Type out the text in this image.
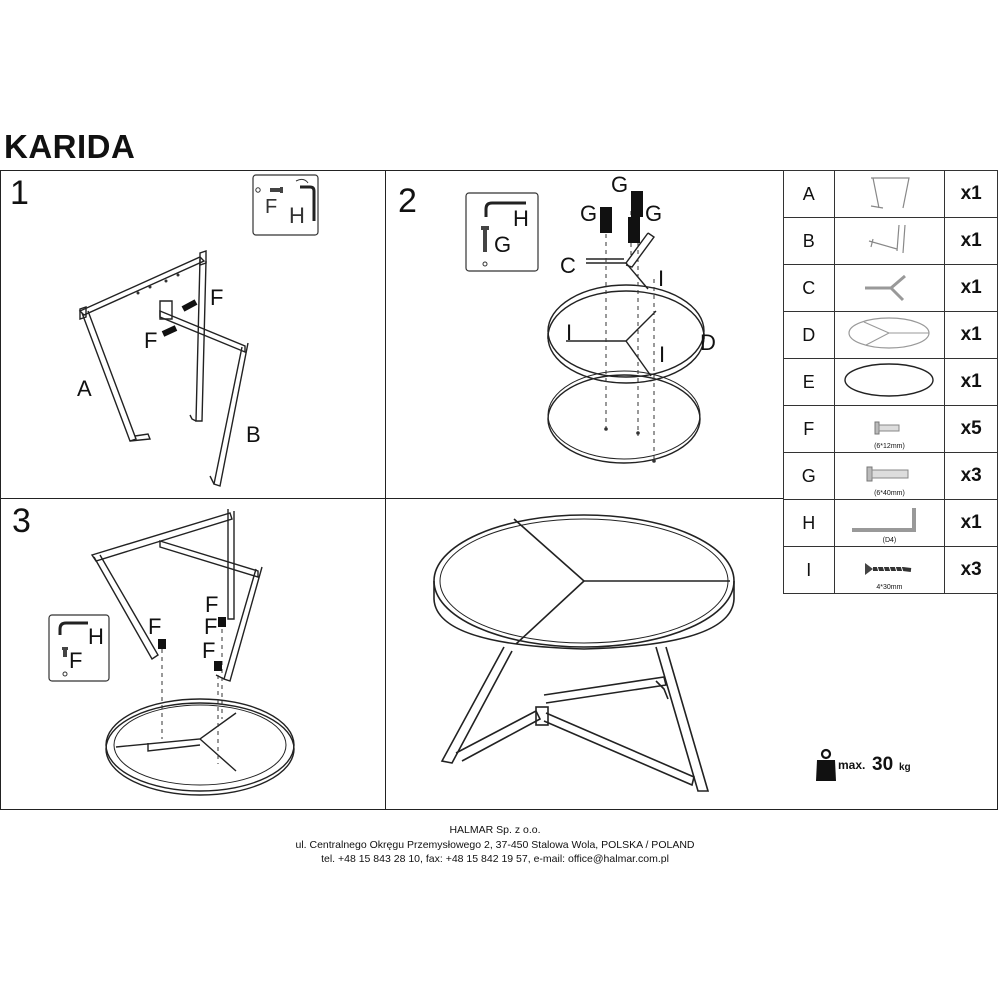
KARIDA
1	2
3
F H
F
F
A
B
G
G G
C
I
I
I D
H
G
F
F F
F
H
F
A		x1
B		x1
C		x1
D		x1
E		x1
F	(6*12mm)	x5
G	(6*40mm)	x3
H	(D4)	x1
I	4*30mm	x3
max. 30 kg
HALMAR Sp. z o.o.
ul. Centralnego Okręgu Przemysłowego 2, 37-450 Stalowa Wola, POLSKA / POLAND
tel. +48 15 843 28 10, fax: +48 15 842 19 57, e-mail: office@halmar.com.pl
